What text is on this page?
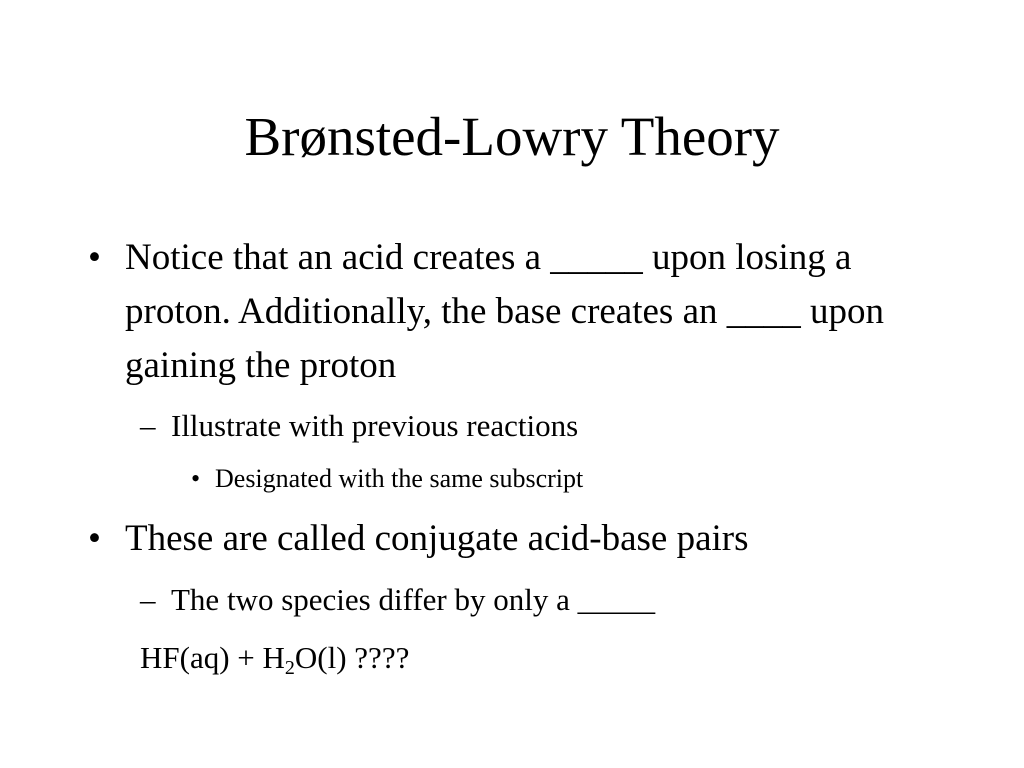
Brønsted-Lowry Theory
• Notice that an acid creates a _____ upon losing a proton. Additionally, the base creates an ____ upon gaining the proton
– Illustrate with previous reactions
• Designated with the same subscript
• These are called conjugate acid-base pairs
– The two species differ by only a _____
$HF(aq) + H_2O(l)$ ????
